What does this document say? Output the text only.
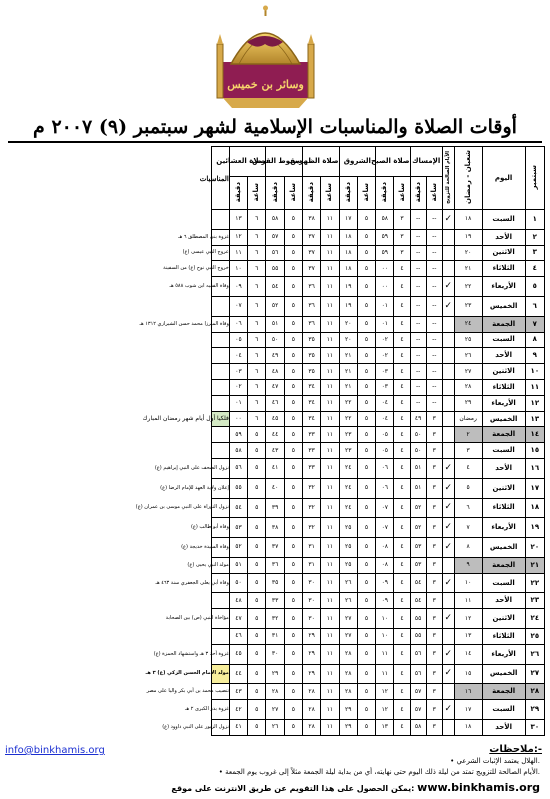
وسائر بن خميس
أوقات الصلاة والمناسبات الإسلامية لشهر سبتمبر (٩) ٢٠٠٧ م
سبتمبر	اليوم	شعبان - رمضان	الأيام الصالحة للتزويج	الإمساك		صلاة الصبح		الشروق		صلاة الظهرين		سقوط القرص		صلاة العشائين		المناسبات
				ساعة	دقيقة	ساعة	دقيقة	ساعة	دقيقة	ساعة	دقيقة	ساعة	دقيقة	ساعة	دقيقة	
١	السبت	١٨	✓	--	--	٣	٥٨	٥	١٧	١١	٣٨	٥	٥٨	٦	١٣	
٢	الأحد	١٩		--	--	٣	٥٩	٥	١٨	١١	٣٧	٥	٥٧	٦	١٢	غزوة بني المصطلق ٦ هـ
٣	الاثنين	٢٠		--	--	٣	٥٩	٥	١٨	١١	٣٧	٥	٥٦	٦	١١	عروج النبي عيسى (ع)
٤	الثلاثاء	٢١		--	--	٤	٠٠	٥	١٨	١١	٣٧	٥	٥٥	٦	١٠	خروج النبي نوح (ع) من السفينة
٥	الأربعاء	٢٢	✓	--	--	٤	٠٠	٥	١٩	١١	٣٦	٥	٥٤	٦	٠٩	وفاة الفقيه ابن شوب ٥٨٨ هـ
٦	الخميس	٢٣	✓	--	--	٤	٠١	٥	١٩	١١	٣٦	٥	٥٢	٦	٠٧	
٧	الجمعة	٢٤		--	--	٤	٠١	٥	٢٠	١١	٣٦	٥	٥١	٦	٠٦	وفاة الميرزا محمد حسن الشيرازي ١٣١٢ هـ
٨	السبت	٢٥		--	--	٤	٠٢	٥	٢٠	١١	٣٥	٥	٥٠	٦	٠٥	
٩	الأحد	٢٦		--	--	٤	٠٢	٥	٢١	١١	٣٥	٥	٤٩	٦	٠٤	
١٠	الاثنين	٢٧		--	--	٤	٠٣	٥	٢١	١١	٣٥	٥	٤٨	٦	٠٣	
١١	الثلاثاء	٢٨		--	--	٤	٠٣	٥	٢١	١١	٣٤	٥	٤٧	٦	٠٢	
١٢	الأربعاء	٢٩		--	--	٤	٠٤	٥	٢٢	١١	٣٤	٥	٤٦	٦	٠١	
١٣	الخميس	رمضان		٣	٤٩	٤	٠٤	٥	٢٢	١١	٣٤	٥	٤٥	٦	٠٠	فلكيا أول أيام شهر رمضان المبارك
١٤	الجمعة	٢		٣	٥٠	٤	٠٥	٥	٢٣	١١	٣٣	٥	٤٤	٥	٥٩	
١٥	السبت	٣		٣	٥٠	٤	٠٥	٥	٢٣	١١	٣٣	٥	٤٣	٥	٥٨	
١٦	الأحد	٤	✓	٣	٥١	٤	٠٦	٥	٢٤	١١	٣٣	٥	٤١	٥	٥٦	نزول الصحف على النبي إبراهيم (ع)
١٧	الاثنين	٥	✓	٣	٥١	٤	٠٦	٥	٢٤	١١	٣٢	٥	٤٠	٥	٥٥	إعلان ولاية العهد للإمام الرضا (ع)
١٨	الثلاثاء	٦	✓	٣	٥٢	٤	٠٧	٥	٢٤	١١	٣٢	٥	٣٩	٥	٥٤	نزول التوراة على النبي موسى بن عمران (ع)
١٩	الأربعاء	٧	✓	٣	٥٢	٤	٠٧	٥	٢٥	١١	٣٢	٥	٣٨	٥	٥٣	وفاة أبو طالب (ع)
٢٠	الخميس	٨	✓	٣	٥٣	٤	٠٨	٥	٢٥	١١	٣١	٥	٣٧	٥	٥٢	وفاة السيدة خديجة (ع)
٢١	الجمعة	٩		٣	٥٣	٤	٠٨	٥	٢٥	١١	٣١	٥	٣٦	٥	٥١	مولد النبي يحيى (ع)
٢٢	السبت	١٠	✓	٣	٥٤	٤	٠٩	٥	٢٦	١١	٣٠	٥	٣٥	٥	٥٠	وفاة أبي يعلى الجعفري سنة ٤٦٣ هـ
٢٣	الأحد	١١		٣	٥٤	٤	٠٩	٥	٢٦	١١	٣٠	٥	٣٣	٥	٤٨	
٢٤	الاثنين	١٢	✓	٣	٥٥	٤	١٠	٥	٢٧	١١	٣٠	٥	٣٢	٥	٤٧	مؤاخاة النبي (ص) بين الصحابة
٢٥	الثلاثاء	١٣		٣	٥٥	٤	١٠	٥	٢٧	١١	٢٩	٥	٣١	٥	٤٦	
٢٦	الأربعاء	١٤	✓	٣	٥٦	٤	١١	٥	٢٨	١١	٢٩	٥	٣٠	٥	٤٥	غزوة أحد ٣ هـ واستشهاد الحمزة (ع)
٢٧	الخميس	١٥	✓	٣	٥٦	٤	١١	٥	٢٨	١١	٢٩	٥	٢٩	٥	٤٤	مولد الإمام الحسن الزكي (ع) ٣ هـ
٢٨	الجمعة	١٦		٣	٥٧	٤	١٢	٥	٢٨	١١	٢٨	٥	٢٨	٥	٤٣	تنصيب محمد بن أبي بكر واليا على مصر
٢٩	السبت	١٧	✓	٣	٥٧	٤	١٢	٥	٢٩	١١	٢٨	٥	٢٧	٥	٤٢	غزوة بدر الكبرى ٢ هـ
٣٠	الأحد	١٨		٣	٥٨	٤	١٣	٥	٢٩	١١	٢٨	٥	٢٦	٥	٤١	نزول الزبور على النبي داوود (ع)
info@binkhamis.org	ملاحظات:-
• الهلال يعتمد الإثبات الشرعي.
• الأيام الصالحة للتزويج تمتد من ليلة ذلك اليوم حتى نهايته، أي من بداية ليلة الجمعة مثلاً إلى غروب يوم الجمعة.
يمكن الحصول على هذا التقويم عن طريق الانترنت على موقع: www.binkhamis.org
